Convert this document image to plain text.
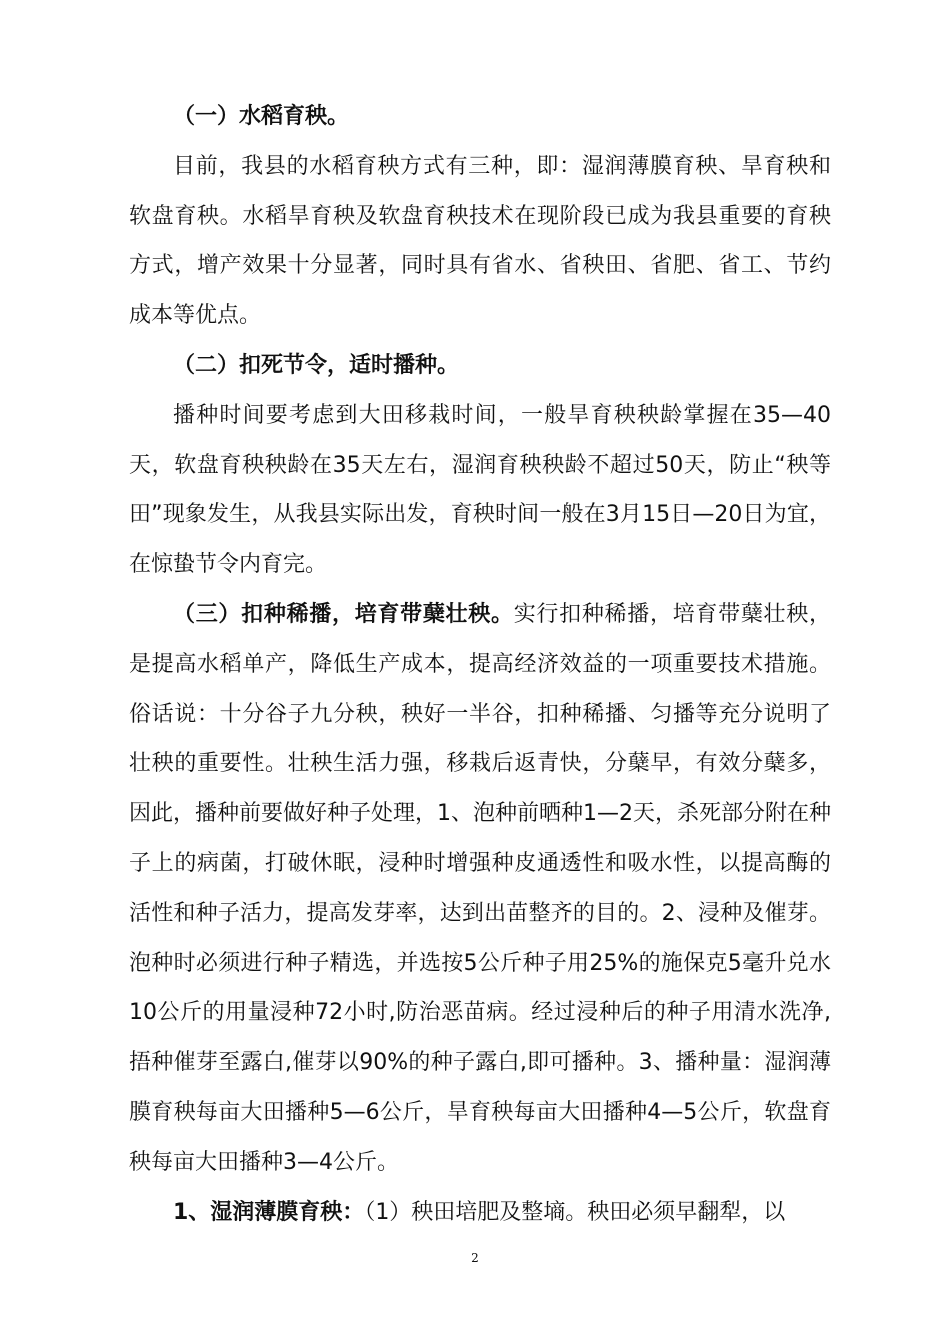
（一）水稻育秧。

目前，我县的水稻育秧方式有三种，即：湿润薄膜育秧、旱育秧和软盘育秧。水稻旱育秧及软盘育秧技术在现阶段已成为我县重要的育秧方式，增产效果十分显著，同时具有省水、省秧田、省肥、省工、节约成本等优点。

（二）扣死节令，适时播种。

播种时间要考虑到大田移栽时间，一般旱育秧秧龄掌握在35—40天，软盘育秧秧龄在35天左右，湿润育秧秧龄不超过50天，防止“秧等田”现象发生，从我县实际出发，育秧时间一般在3月15日—20日为宜，在惊蛰节令内育完。

（三）扣种稀播，培育带蘖壮秧。实行扣种稀播，培育带蘖壮秧，是提高水稻单产，降低生产成本，提高经济效益的一项重要技术措施。俗话说：十分谷子九分秧，秧好一半谷，扣种稀播、匀播等充分说明了壮秧的重要性。壮秧生活力强，移栽后返青快，分蘖早，有效分蘖多，因此，播种前要做好种子处理，1、泡种前晒种1—2天，杀死部分附在种子上的病菌，打破休眠，浸种时增强种皮通透性和吸水性，以提高酶的活性和种子活力，提高发芽率，达到出苗整齐的目的。2、浸种及催芽。泡种时必须进行种子精选，并选按5公斤种子用25%的施保克5毫升兑水10公斤的用量浸种72小时,防治恶苗病。经过浸种后的种子用清水洗净,捂种催芽至露白,催芽以90%的种子露白,即可播种。3、播种量：湿润薄膜育秧每亩大田播种5—6公斤，旱育秧每亩大田播种4—5公斤，软盘育秧每亩大田播种3—4公斤。

1、湿润薄膜育秧：（1）秧田培肥及整墒。秧田必须早翻犁，以

2
